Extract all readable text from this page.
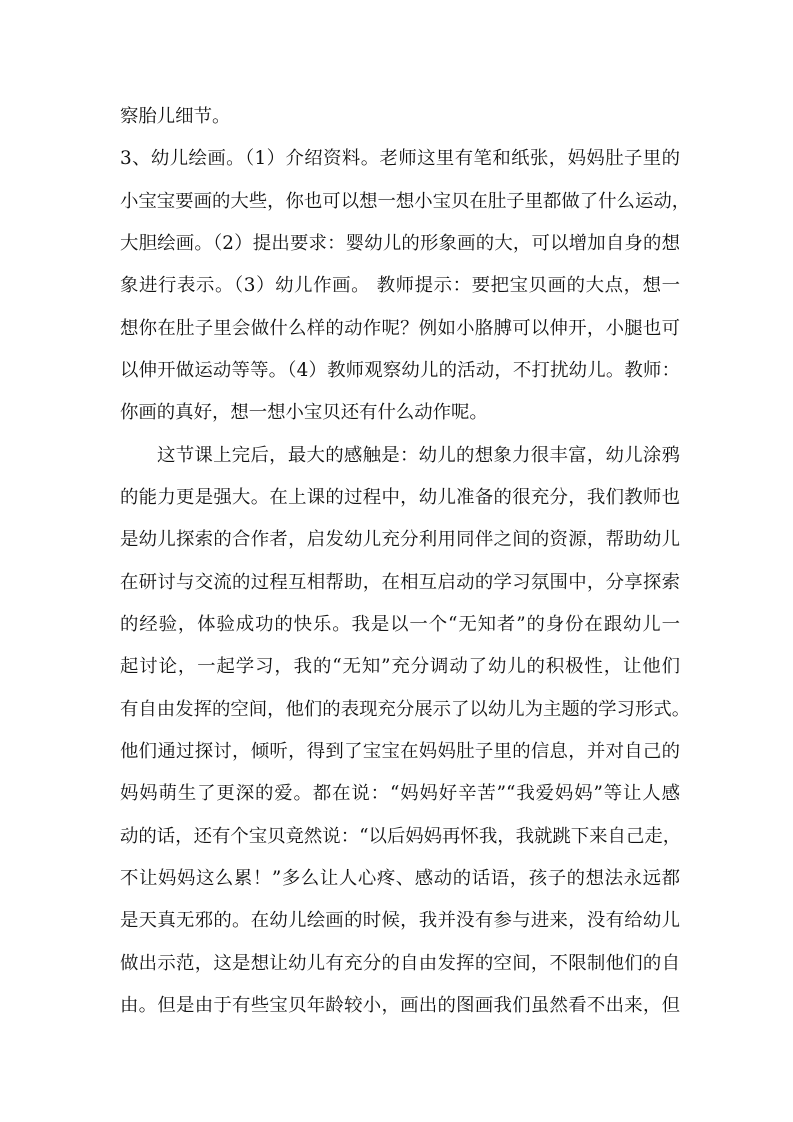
察胎儿细节。
3、幼儿绘画。（1）介绍资料。老师这里有笔和纸张，妈妈肚子里的
小宝宝要画的大些，你也可以想一想小宝贝在肚子里都做了什么运动，
大胆绘画。（2）提出要求：婴幼儿的形象画的大，可以增加自身的想
象进行表示。（3）幼儿作画。 教师提示：要把宝贝画的大点，想一
想你在肚子里会做什么样的动作呢？例如小胳膊可以伸开，小腿也可
以伸开做运动等等。（4）教师观察幼儿的活动，不打扰幼儿。教师：
你画的真好，想一想小宝贝还有什么动作呢。
这节课上完后，最大的感触是：幼儿的想象力很丰富，幼儿涂鸦
的能力更是强大。在上课的过程中，幼儿准备的很充分，我们教师也
是幼儿探索的合作者，启发幼儿充分利用同伴之间的资源，帮助幼儿
在研讨与交流的过程互相帮助，在相互启动的学习氛围中，分享探索
的经验，体验成功的快乐。我是以一个“无知者”的身份在跟幼儿一
起讨论，一起学习，我的“无知”充分调动了幼儿的积极性，让他们
有自由发挥的空间，他们的表现充分展示了以幼儿为主题的学习形式。
他们通过探讨，倾听，得到了宝宝在妈妈肚子里的信息，并对自己的
妈妈萌生了更深的爱。都在说：“妈妈好辛苦”“我爱妈妈”等让人感
动的话，还有个宝贝竟然说：“以后妈妈再怀我，我就跳下来自己走，
不让妈妈这么累！”多么让人心疼、感动的话语，孩子的想法永远都
是天真无邪的。在幼儿绘画的时候，我并没有参与进来，没有给幼儿
做出示范，这是想让幼儿有充分的自由发挥的空间，不限制他们的自
由。但是由于有些宝贝年龄较小，画出的图画我们虽然看不出来，但
